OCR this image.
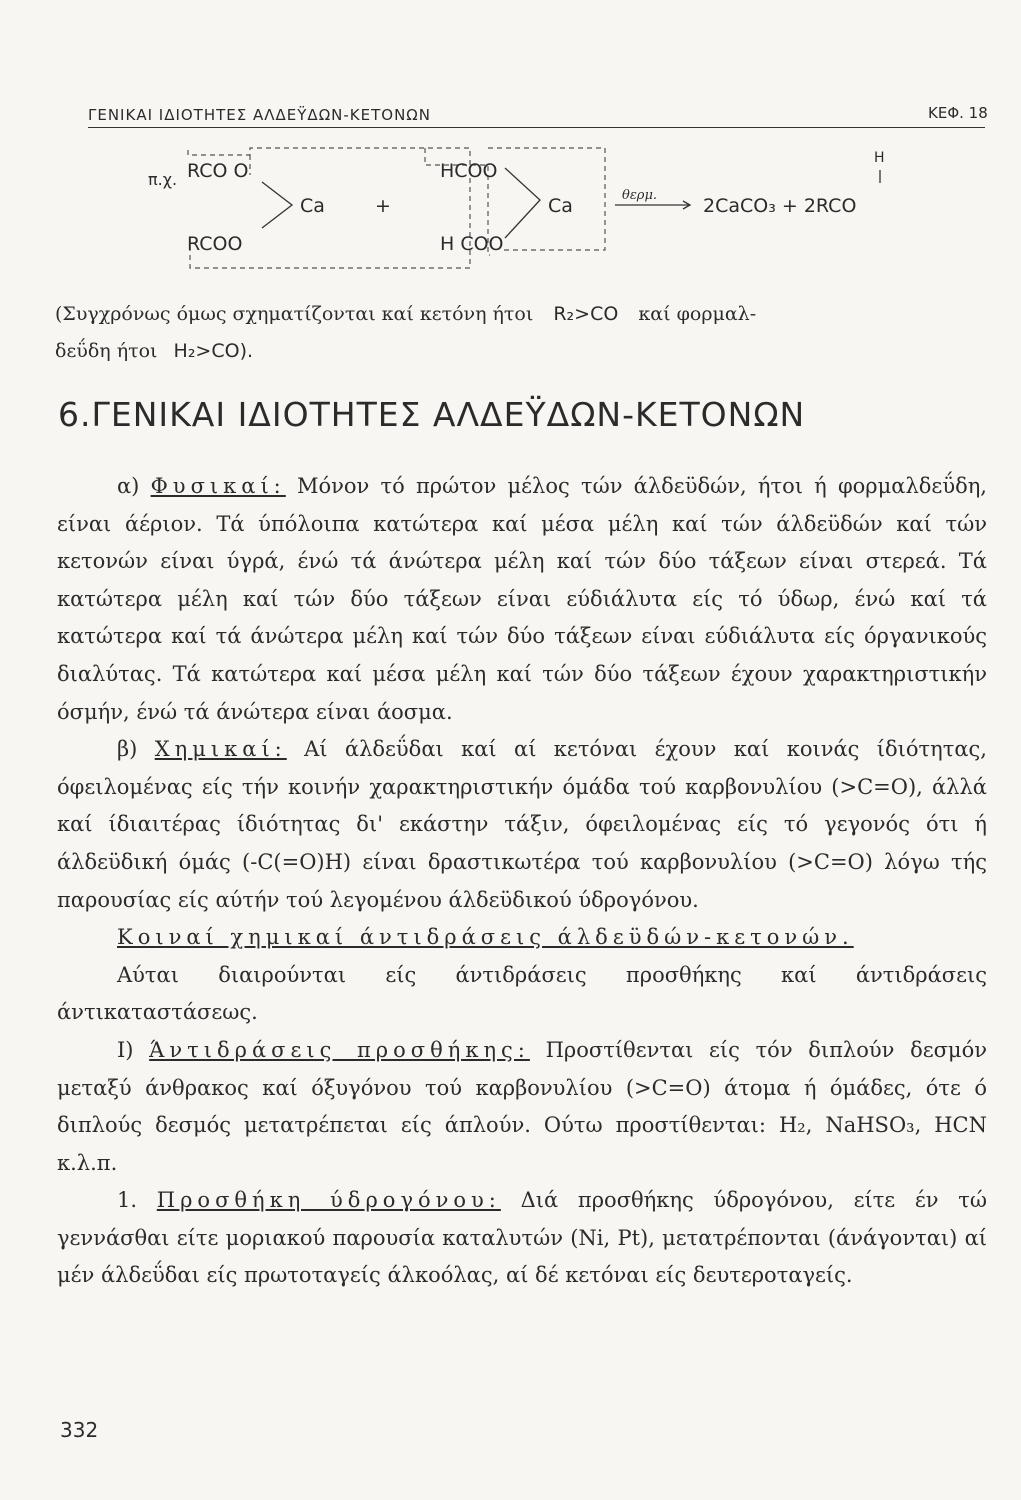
ΓΕΝΙΚΑΙ ΙΔΙΟΤΗΤΕΣ ΑΛΔΕΫΔΩΝ-ΚΕΤΟΝΩΝ	ΚΕΦ. 18
π.χ. RCO O
RCOO
Ca	+
HCOO
H COO
Ca	θερμ. 2CaCO₃ + 2RCO
H
(Συγχρόνως όμως σχηματίζονται καί κετόνη ήτοι R₂>CO καί φορμαλ-
δεΰδη ήτοι H₂>CO).
6.ΓΕΝΙΚΑΙ ΙΔΙΟΤΗΤΕΣ ΑΛΔΕΫΔΩΝ-ΚΕΤΟΝΩΝ

α) Φυσικαί: Μόνον τό πρώτον μέλος τών άλδεϋδών, ήτοι ή φορμαλδεΰδη, είναι άέριον. Τά ύπόλοιπα κατώτερα καί μέσα μέλη καί τών άλδεϋδών καί τών κετονών είναι ύγρά, ένώ τά άνώτερα μέλη καί τών δύο τάξεων είναι στερεά. Τά κατώτερα μέλη καί τών δύο τάξεων είναι εύδιάλυτα είς τό ύδωρ, ένώ καί τά κατώτερα καί τά άνώτερα μέλη καί τών δύο τάξεων είναι εύδιάλυτα είς όργανικούς διαλύτας. Τά κατώτερα καί μέσα μέλη καί τών δύο τάξεων έχουν χαρακτηριστικήν όσμήν, ένώ τά άνώτερα είναι άοσμα.

β) Χημικαί: Αί άλδεΰδαι καί αί κετόναι έχουν καί κοινάς ίδιότητας, όφειλομένας είς τήν κοινήν χαρακτηριστικήν όμάδα τού καρβονυλίου (>C=O), άλλά καί ίδιαιτέρας ίδιότητας δι' εκάστην τάξιν, όφειλομένας είς τό γεγονός ότι ή άλδεϋδική όμάς (-C(=O)H) είναι δραστικωτέρα τού καρβονυλίου (>C=O) λόγω τής παρουσίας είς αύτήν τού λεγομένου άλδεϋδικού ύδρογόνου.

Κοιναί χημικαί άντιδράσεις άλδεϋδών-κετονών.

Αύται διαιρούνται είς άντιδράσεις προσθήκης καί άντιδράσεις άντικαταστάσεως.

Ι) Άντιδράσεις προσθήκης: Προστίθενται είς τόν διπλούν δεσμόν μεταξύ άνθρακος καί όξυγόνου τού καρβονυλίου (>C=O) άτομα ή όμάδες, ότε ό διπλούς δεσμός μετατρέπεται είς άπλούν. Ούτω προστίθενται: H₂, NaHSO₃, HCN κ.λ.π.

1. Προσθήκη ύδρογόνου: Διά προσθήκης ύδρογόνου, είτε έν τώ γεννάσθαι είτε μοριακού παρουσία καταλυτών (Ni, Pt), μετατρέπονται (άνάγονται) αί μέν άλδεΰδαι είς πρωτοταγείς άλκοόλας, αί δέ κετόναι είς δευτεροταγείς.

332
